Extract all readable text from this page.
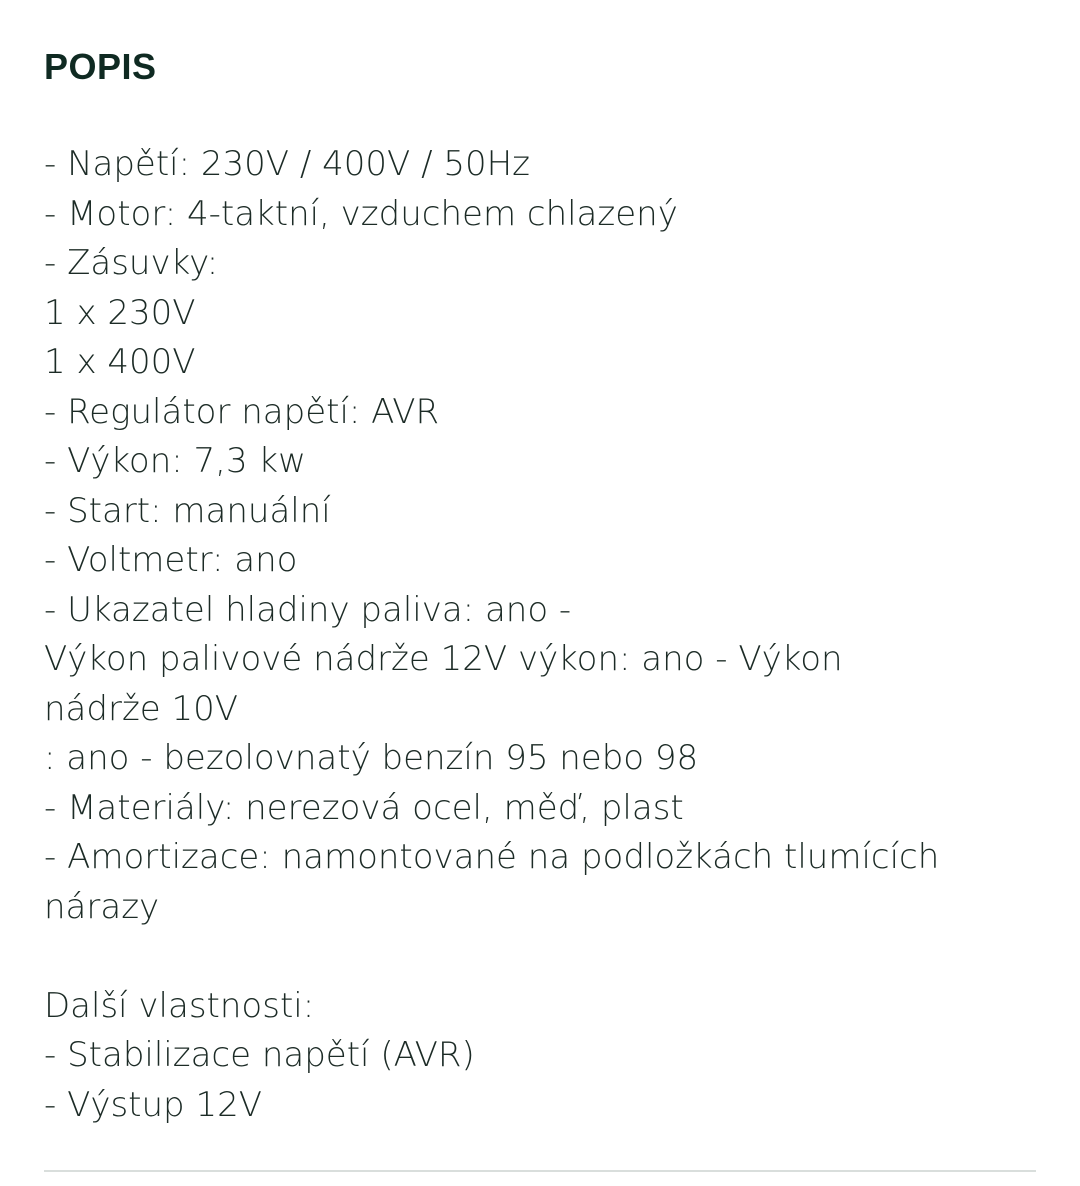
POPIS
- Napětí: 230V / 400V / 50Hz
- Motor: 4-taktní, vzduchem chlazený
- Zásuvky:
1 x 230V
1 x 400V
- Regulátor napětí: AVR
- Výkon: 7,3 kw
- Start: manuální
- Voltmetr: ano
- Ukazatel hladiny paliva: ano -
Výkon palivové nádrže 12V výkon: ano - Výkon
nádrže 10V
: ano - bezolovnatý benzín 95 nebo 98
- Materiály: nerezová ocel, měď, plast
- Amortizace: namontované na podložkách tlumících
nárazy
Další vlastnosti:
- Stabilizace napětí (AVR)
- Výstup 12V
